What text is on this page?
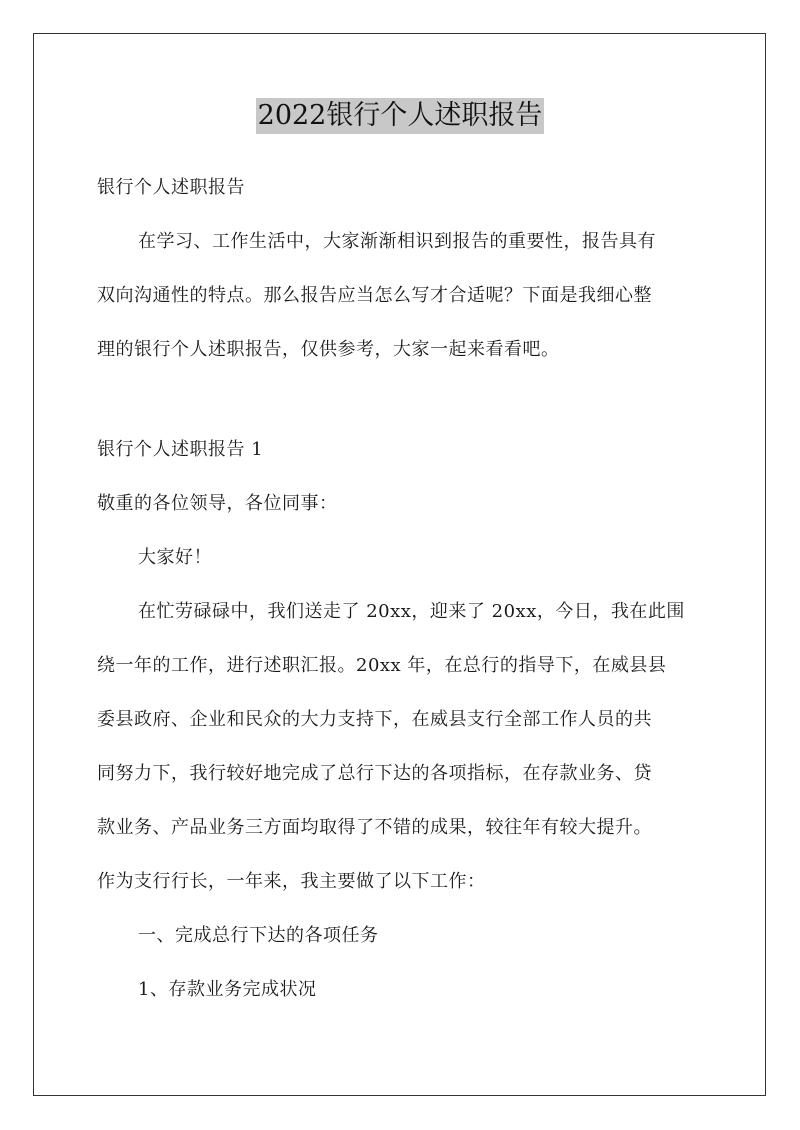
2022银行个人述职报告
银行个人述职报告
在学习、工作生活中，大家渐渐相识到报告的重要性，报告具有
双向沟通性的特点。那么报告应当怎么写才合适呢？下面是我细心整
理的银行个人述职报告，仅供参考，大家一起来看看吧。
银行个人述职报告 1
敬重的各位领导，各位同事：
大家好！
在忙劳碌碌中，我们送走了 20xx，迎来了 20xx，今日，我在此围
绕一年的工作，进行述职汇报。20xx 年，在总行的指导下，在威县县
委县政府、企业和民众的大力支持下，在威县支行全部工作人员的共
同努力下，我行较好地完成了总行下达的各项指标，在存款业务、贷
款业务、产品业务三方面均取得了不错的成果，较往年有较大提升。
作为支行行长，一年来，我主要做了以下工作：
一、完成总行下达的各项任务
1、存款业务完成状况
